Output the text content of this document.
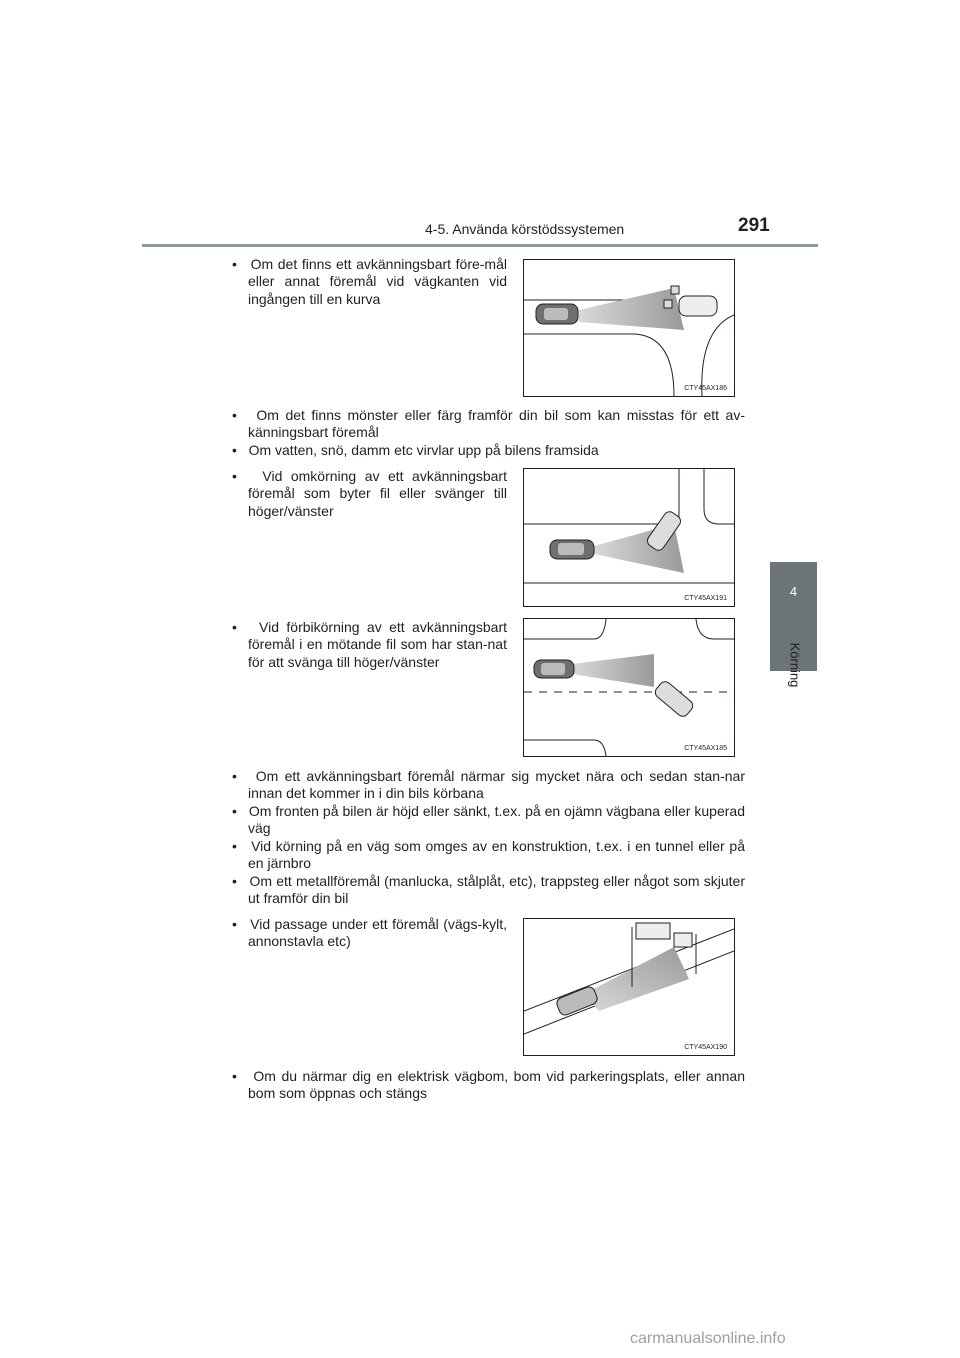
4-5. Använda körstödssystemen	291
4
Körning
•   Om det finns ett avkänningsbart före-mål eller annat föremål vid vägkanten vid ingången till en kurva
CTY45AX186
•   Om det finns mönster eller färg framför din bil som kan misstas för ett av-känningsbart föremål
•   Om vatten, snö, damm etc virvlar upp på bilens framsida
•   Vid omkörning av ett avkänningsbart föremål som byter fil eller svänger till höger/vänster
CTY45AX191
•   Vid förbikörning av ett avkänningsbart föremål i en mötande fil som har stan-nat för att svänga till höger/vänster
CTY45AX185
•   Om ett avkänningsbart föremål närmar sig mycket nära och sedan stan-nar innan det kommer in i din bils körbana
•   Om fronten på bilen är höjd eller sänkt, t.ex. på en ojämn vägbana eller kuperad väg
•   Vid körning på en väg som omges av en konstruktion, t.ex. i en tunnel eller på en järnbro
•   Om ett metallföremål (manlucka, stålplåt, etc), trappsteg eller något som skjuter ut framför din bil
•   Vid passage under ett föremål (vägs-kylt, annonstavla etc)
CTY45AX190
•   Om du närmar dig en elektrisk vägbom, bom vid parkeringsplats, eller annan bom som öppnas och stängs
carmanualsonline.info
